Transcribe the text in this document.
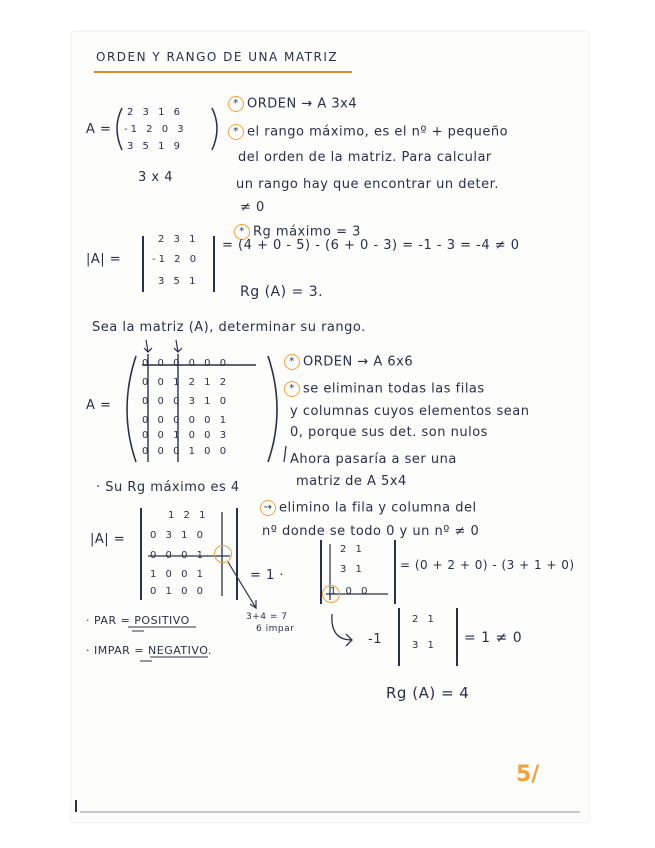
ORDEN Y RANGO DE UNA MATRIZ
A =
2 3 1 6
-1 2 0 3
3 5 1 9
3 x 4
* ORDEN → A 3x4
* el rango máximo, es el nº + pequeño
del orden de la matriz. Para calcular
un rango hay que encontrar un deter.
≠ 0
* Rg máximo = 3
|A| =
2 3 1
-1 2 0
3 5 1
= (4 + 0 - 5) - (6 + 0 - 3) = -1 - 3 = -4 ≠ 0
Rg (A) = 3.
Sea la matriz (A), determinar su rango.
A =
0 0 0 0 0 0
0 0 1 2 1 2
0 0 0 3 1 0
0 0 0 0 0 1
0 0 1 0 0 3
0 0 0 1 0 0
* ORDEN → A 6x6
* se eliminan todas las filas
y columnas cuyos elementos sean
0, porque sus det. son nulos
Ahora pasaría a ser una
matriz de A 5x4
· Su Rg máximo es 4
|A| =
1 2 1
0 3 1 0
0 0 0 1
1 0 0 1
0 1 0 0
→ elimino la fila y columna del
nº donde se todo 0 y un nº ≠ 0
= 1 ·
2 1
3 1
1 0 0
= (0 + 2 + 0) - (3 + 1 + 0)
3+4 = 7
6 impar
· PAR = POSITIVO
· IMPAR = NEGATIVO.
-1
2 1
3 1 = 1 ≠ 0
Rg (A) = 4
5/
